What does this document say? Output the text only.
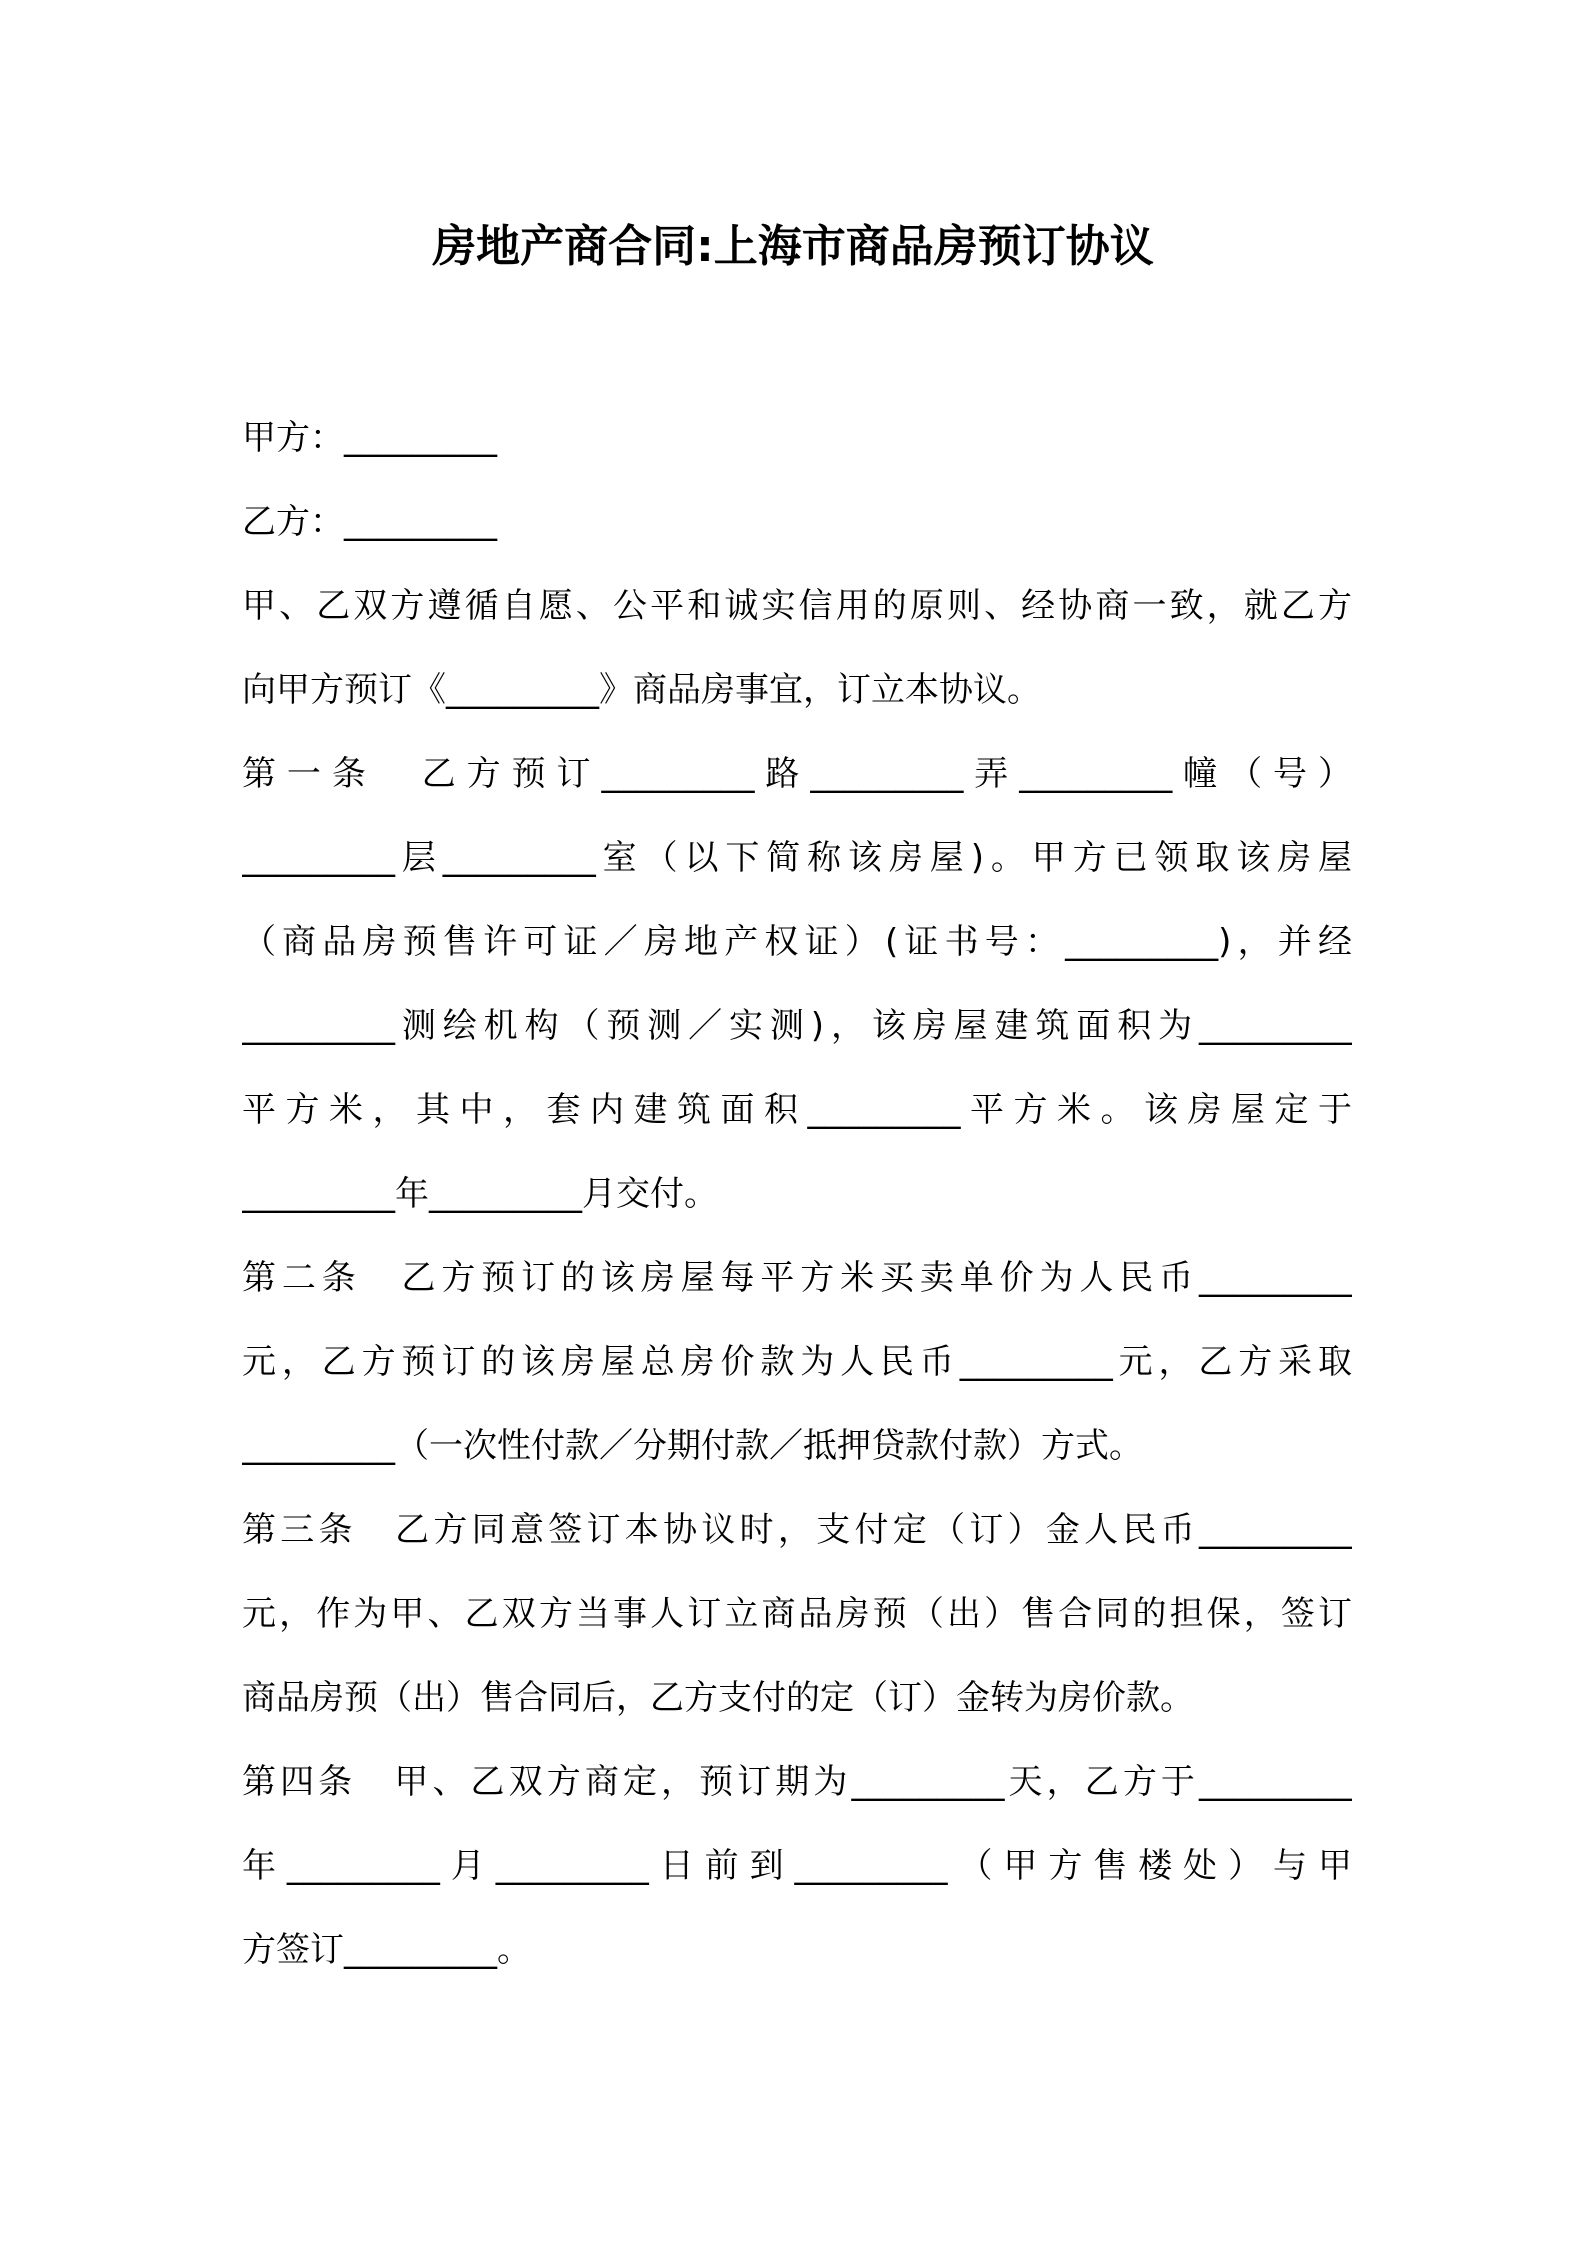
房地产商合同:上海市商品房预订协议
甲方：_________
乙方：_________
甲、乙双方遵循自愿、公平和诚实信用的原则、经协商一致，就乙方
向甲方预订《_________》商品房事宜，订立本协议。
第一条　乙方预订_________路_________弄_________幢（号）
_________层_________室（以下简称该房屋)。甲方已领取该房屋
（商品房预售许可证／房地产权证）(证书号：_________)，并经
_________测绘机构（预测／实测)，该房屋建筑面积为_________
平方米，其中，套内建筑面积_________平方米。该房屋定于
_________年_________月交付。
第二条　乙方预订的该房屋每平方米买卖单价为人民币_________
元，乙方预订的该房屋总房价款为人民币_________元，乙方采取
_________（一次性付款／分期付款／抵押贷款付款）方式。
第三条　乙方同意签订本协议时，支付定（订）金人民币_________
元，作为甲、乙双方当事人订立商品房预（出）售合同的担保，签订
商品房预（出）售合同后，乙方支付的定（订）金转为房价款。
第四条　甲、乙双方商定，预订期为_________天，乙方于_________
年_________月_________日前到_________（甲方售楼处）与甲
方签订_________。
